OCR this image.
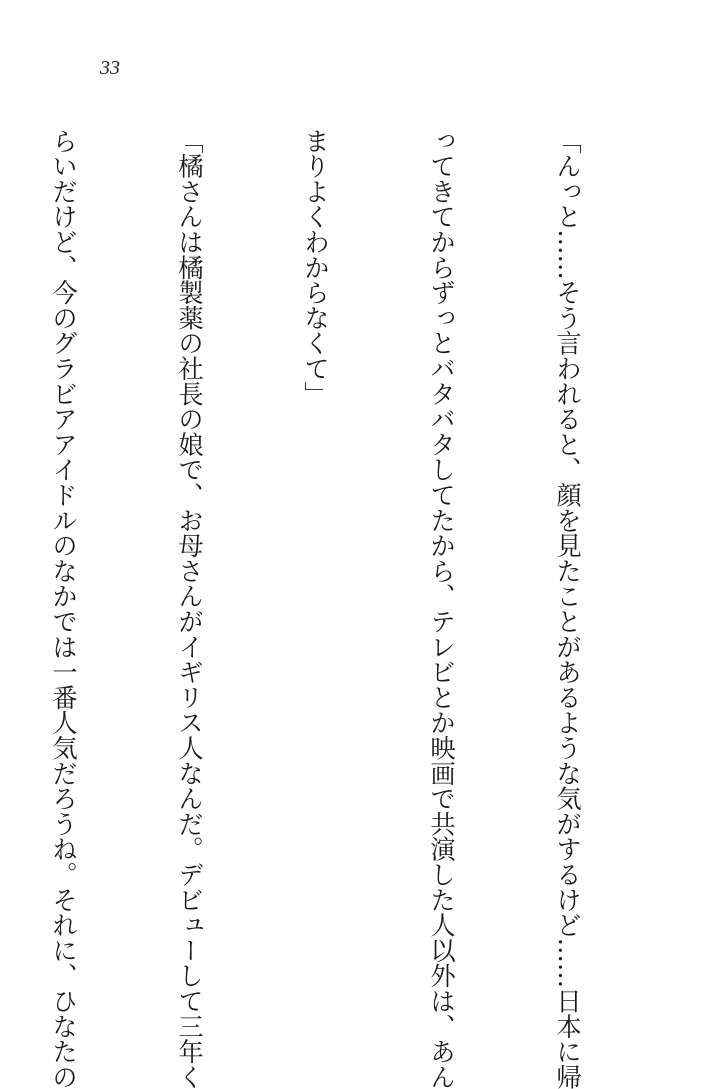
33

「んっと……そう言われると、顔を見たことがあるような気がするけど……日本に帰

ってきてからずっとバタバタしてたから、テレビとか映画で共演した人以外は、あん

まりよくわからなくて」

「橘さんは橘製薬の社長の娘で、お母さんがイギリス人なんだ。デビューして三年く

らいだけど、今のグラビアアイドルのなかでは一番人気だろうね。それに、ひなたの
